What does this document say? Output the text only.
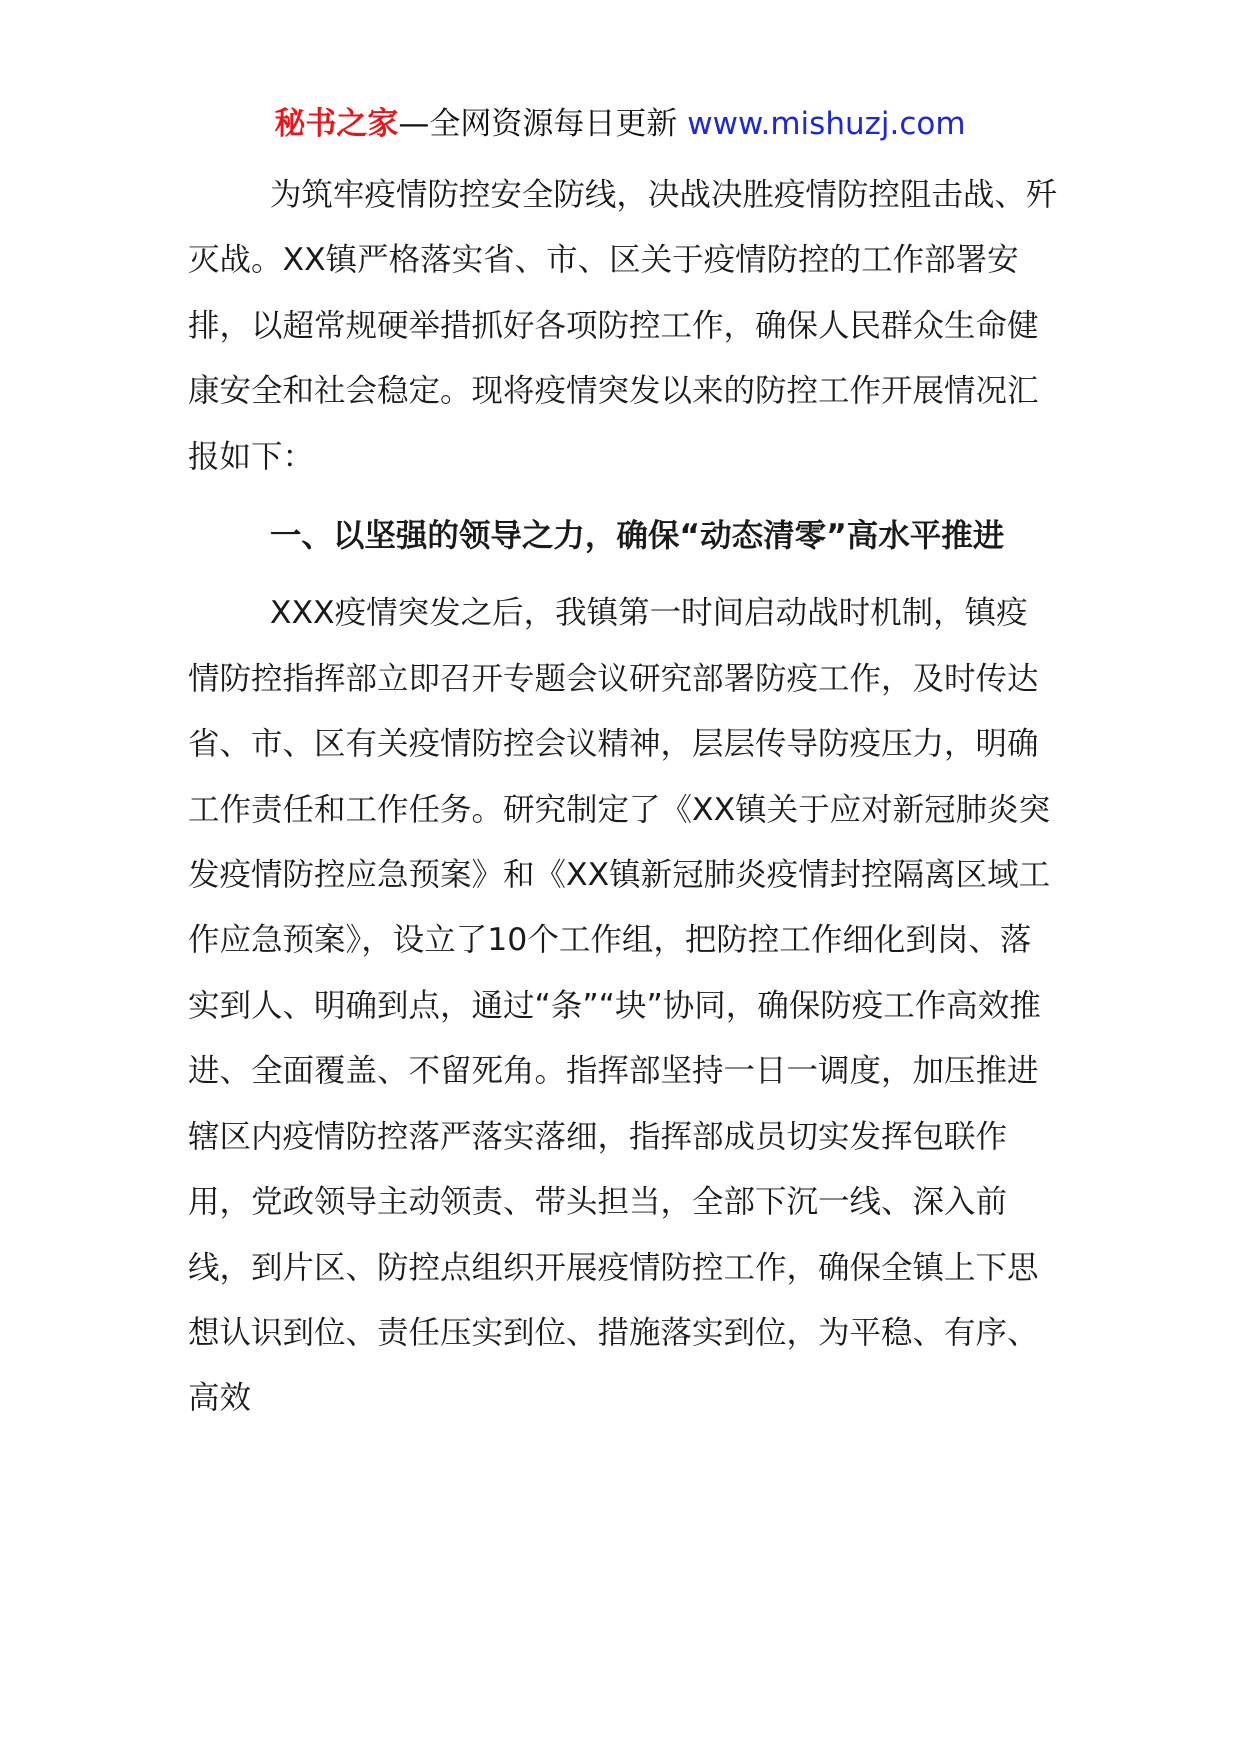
秘书之家—全网资源每日更新 www.mishuzj.com

为筑牢疫情防控安全防线，决战决胜疫情防控阻击战、歼灭战。XX镇严格落实省、市、区关于疫情防控的工作部署安排，以超常规硬举措抓好各项防控工作，确保人民群众生命健康安全和社会稳定。现将疫情突发以来的防控工作开展情况汇报如下：

一、以坚强的领导之力，确保“动态清零”高水平推进

XXX疫情突发之后，我镇第一时间启动战时机制，镇疫情防控指挥部立即召开专题会议研究部署防疫工作，及时传达省、市、区有关疫情防控会议精神，层层传导防疫压力，明确工作责任和工作任务。研究制定了《XX镇关于应对新冠肺炎突发疫情防控应急预案》和《XX镇新冠肺炎疫情封控隔离区域工作应急预案》，设立了10个工作组，把防控工作细化到岗、落实到人、明确到点，通过“条”“块”协同，确保防疫工作高效推进、全面覆盖、不留死角。指挥部坚持一日一调度，加压推进辖区内疫情防控落严落实落细，指挥部成员切实发挥包联作用，党政领导主动领责、带头担当，全部下沉一线、深入前线，到片区、防控点组织开展疫情防控工作，确保全镇上下思想认识到位、责任压实到位、措施落实到位，为平稳、有序、高效
